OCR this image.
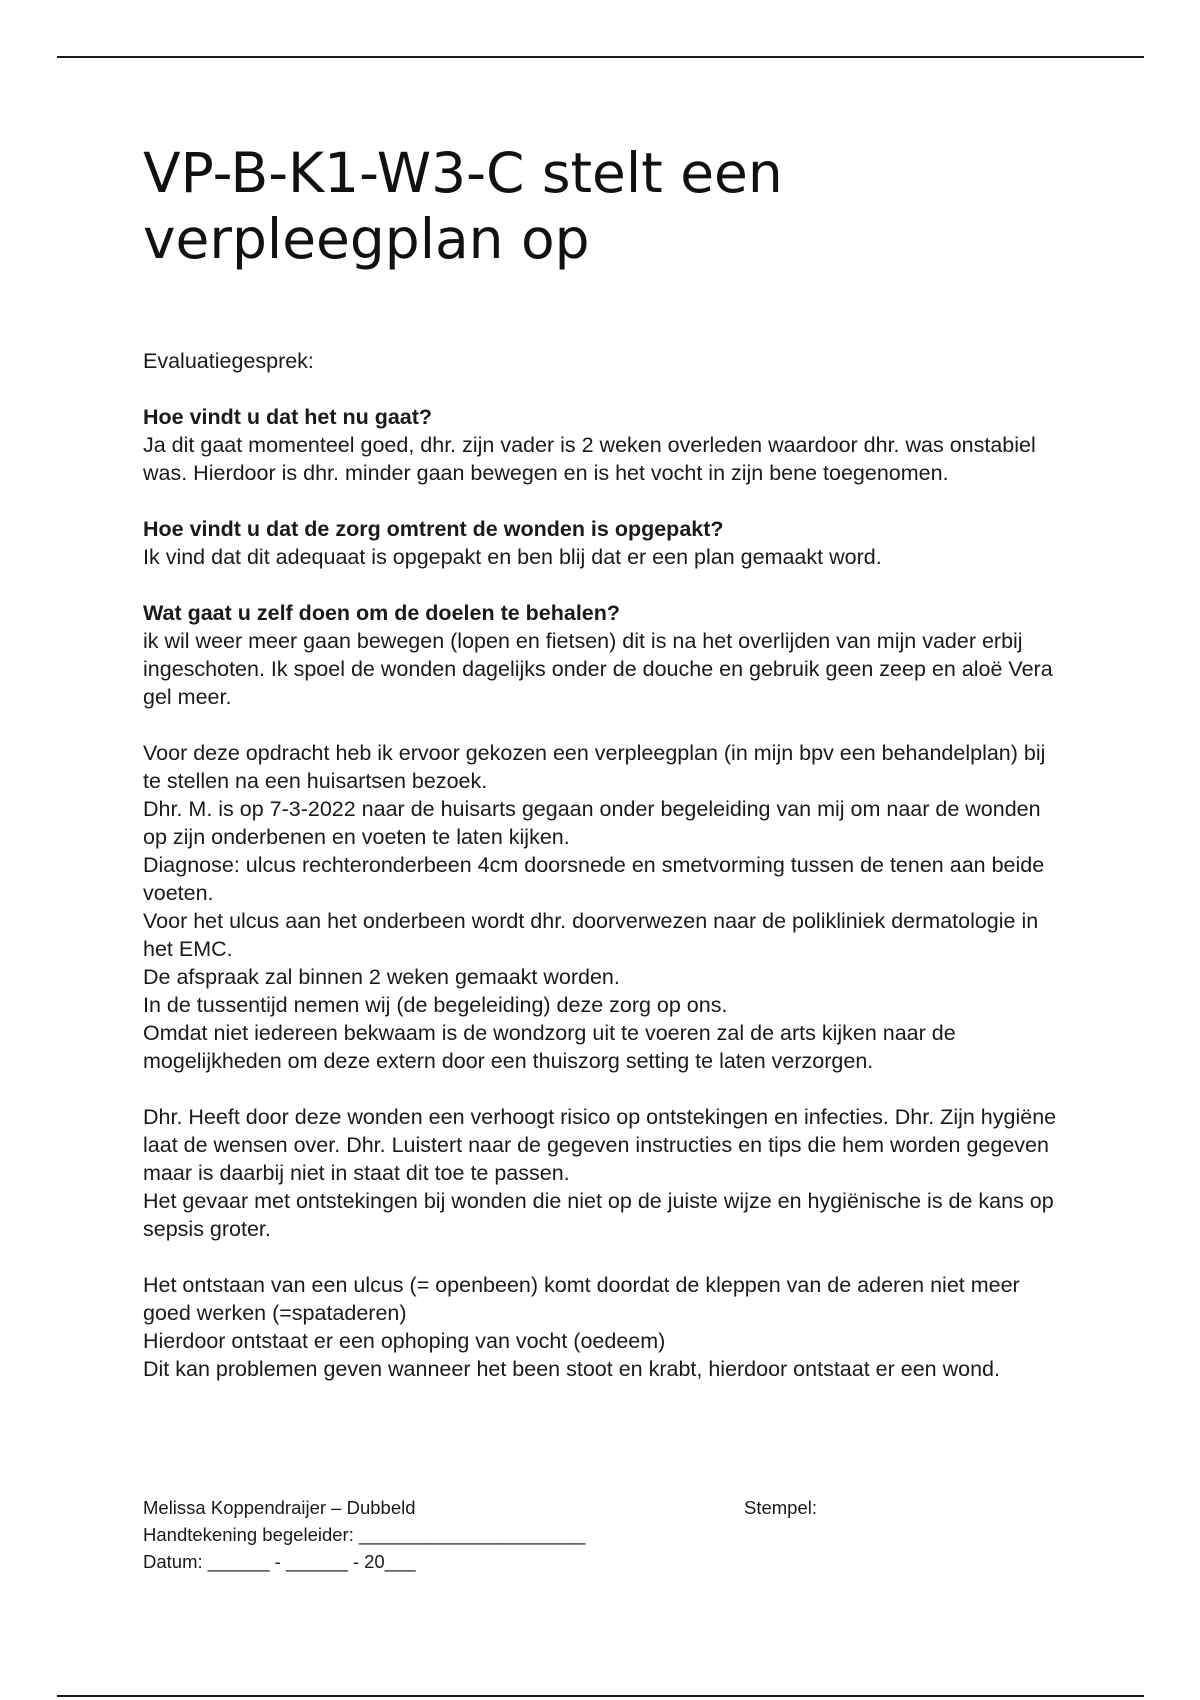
VP-B-K1-W3-C stelt een verpleegplan op

Evaluatiegesprek:

Hoe vindt u dat het nu gaat?
Ja dit gaat momenteel goed, dhr. zijn vader is 2 weken overleden waardoor dhr. was onstabiel was. Hierdoor is dhr. minder gaan bewegen en is het vocht in zijn bene toegenomen.

Hoe vindt u dat de zorg omtrent de wonden is opgepakt?
Ik vind dat dit adequaat is opgepakt en ben blij dat er een plan gemaakt word.

Wat gaat u zelf doen om de doelen te behalen?
ik wil weer meer gaan bewegen (lopen en fietsen) dit is na het overlijden van mijn vader erbij ingeschoten. Ik spoel de wonden dagelijks onder de douche en gebruik geen zeep en aloë Vera gel meer.

Voor deze opdracht heb ik ervoor gekozen een verpleegplan (in mijn bpv een behandelplan) bij te stellen na een huisartsen bezoek.
Dhr. M. is op 7-3-2022 naar de huisarts gegaan onder begeleiding van mij om naar de wonden op zijn onderbenen en voeten te laten kijken.
Diagnose: ulcus rechteronderbeen 4cm doorsnede en smetvorming tussen de tenen aan beide voeten.
Voor het ulcus aan het onderbeen wordt dhr. doorverwezen naar de polikliniek dermatologie in het EMC.
De afspraak zal binnen 2 weken gemaakt worden.
In de tussentijd nemen wij (de begeleiding) deze zorg op ons.
Omdat niet iedereen bekwaam is de wondzorg uit te voeren zal de arts kijken naar de mogelijkheden om deze extern door een thuiszorg setting te laten verzorgen.

Dhr. Heeft door deze wonden een verhoogt risico op ontstekingen en infecties. Dhr. Zijn hygiëne laat de wensen over. Dhr. Luistert naar de gegeven instructies en tips die hem worden gegeven maar is daarbij niet in staat dit toe te passen.
Het gevaar met ontstekingen bij wonden die niet op de juiste wijze en hygiënische is de kans op sepsis groter.

Het ontstaan van een ulcus (= openbeen) komt doordat de kleppen van de aderen niet meer goed werken (=spataderen)
Hierdoor ontstaat er een ophoping van vocht (oedeem)
Dit kan problemen geven wanneer het been stoot en krabt, hierdoor ontstaat er een wond.

Melissa Koppendraijer – Dubbeld
Handtekening begeleider: ______________________
Datum: ______ - ______ - 20___
Stempel:
